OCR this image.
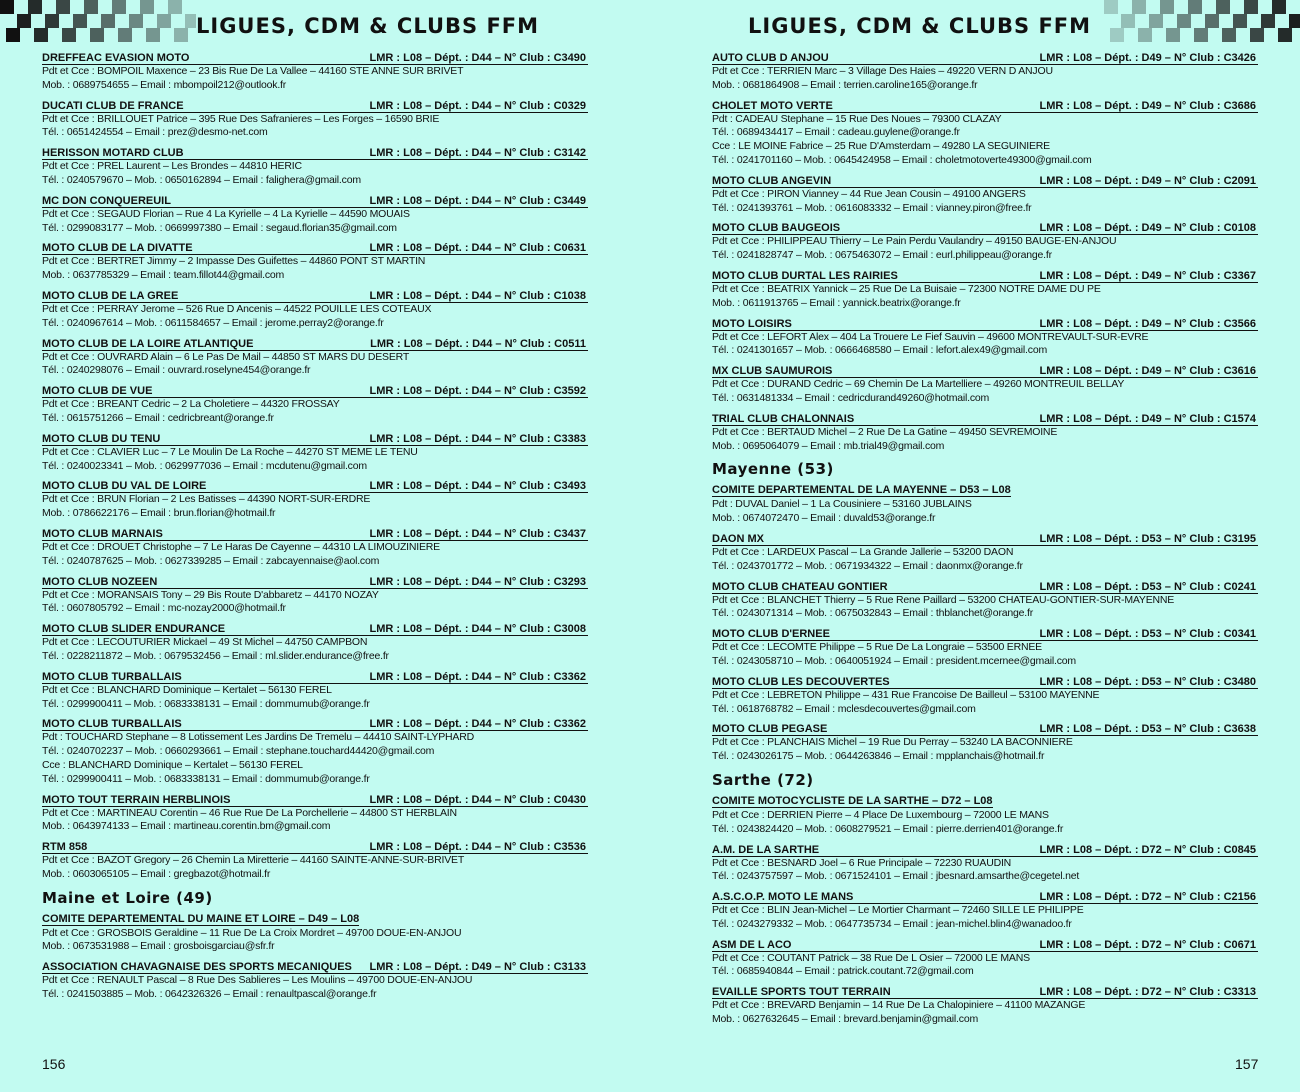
LIGUES, CDM & CLUBS FFM
DREFFEAC EVASION MOTO	LMR : L08 – Dépt. : D44 – N° Club : C3490
Pdt et Cce : BOMPOIL Maxence – 23 Bis Rue De La Vallee – 44160 STE ANNE SUR BRIVET
Mob. : 0689754655 – Email : mbompoil212@outlook.fr
DUCATI CLUB DE FRANCE	LMR : L08 – Dépt. : D44 – N° Club : C0329
Pdt et Cce : BRILLOUET Patrice – 395 Rue Des Safranieres – Les Forges – 16590 BRIE
Tél. : 0651424554 – Email : prez@desmo-net.com
HERISSON MOTARD CLUB	LMR : L08 – Dépt. : D44 – N° Club : C3142
Pdt et Cce : PREL Laurent – Les Brondes – 44810 HERIC
Tél. : 0240579670 – Mob. : 0650162894 – Email : falighera@gmail.com
MC DON CONQUEREUIL	LMR : L08 – Dépt. : D44 – N° Club : C3449
Pdt et Cce : SEGAUD Florian – Rue 4 La Kyrielle – 4 La Kyrielle – 44590 MOUAIS
Tél. : 0299083177 – Mob. : 0669997380 – Email : segaud.florian35@gmail.com
MOTO CLUB DE LA DIVATTE	LMR : L08 – Dépt. : D44 – N° Club : C0631
Pdt et Cce : BERTRET Jimmy – 2 Impasse Des Guifettes – 44860 PONT ST MARTIN
Mob. : 0637785329 – Email : team.fillot44@gmail.com
MOTO CLUB DE LA GREE	LMR : L08 – Dépt. : D44 – N° Club : C1038
Pdt et Cce : PERRAY Jerome – 526 Rue D Ancenis – 44522 POUILLE LES COTEAUX
Tél. : 0240967614 – Mob. : 0611584657 – Email : jerome.perray2@orange.fr
MOTO CLUB DE LA LOIRE ATLANTIQUE	LMR : L08 – Dépt. : D44 – N° Club : C0511
Pdt et Cce : OUVRARD Alain – 6 Le Pas De Mail – 44850 ST MARS DU DESERT
Tél. : 0240298076 – Email : ouvrard.roselyne454@orange.fr
MOTO CLUB DE VUE	LMR : L08 – Dépt. : D44 – N° Club : C3592
Pdt et Cce : BREANT Cedric – 2 La Choletiere – 44320 FROSSAY
Tél. : 0615751266 – Email : cedricbreant@orange.fr
MOTO CLUB DU TENU	LMR : L08 – Dépt. : D44 – N° Club : C3383
Pdt et Cce : CLAVIER Luc – 7 Le Moulin De La Roche – 44270 ST MEME LE TENU
Tél. : 0240023341 – Mob. : 0629977036 – Email : mcdutenu@gmail.com
MOTO CLUB DU VAL DE LOIRE	LMR : L08 – Dépt. : D44 – N° Club : C3493
Pdt et Cce : BRUN Florian – 2 Les Batisses – 44390 NORT-SUR-ERDRE
Mob. : 0786622176 – Email : brun.florian@hotmail.fr
MOTO CLUB MARNAIS	LMR : L08 – Dépt. : D44 – N° Club : C3437
Pdt et Cce : DROUET Christophe – 7 Le Haras De Cayenne – 44310 LA LIMOUZINIERE
Tél. : 0240787625 – Mob. : 0627339285 – Email : zabcayennaise@aol.com
MOTO CLUB NOZEEN	LMR : L08 – Dépt. : D44 – N° Club : C3293
Pdt et Cce : MORANSAIS Tony – 29 Bis Route D'abbaretz – 44170 NOZAY
Tél. : 0607805792 – Email : mc-nozay2000@hotmail.fr
MOTO CLUB SLIDER ENDURANCE	LMR : L08 – Dépt. : D44 – N° Club : C3008
Pdt et Cce : LECOUTURIER Mickael – 49 St Michel – 44750 CAMPBON
Tél. : 0228211872 – Mob. : 0679532456 – Email : ml.slider.endurance@free.fr
MOTO CLUB TURBALLAIS	LMR : L08 – Dépt. : D44 – N° Club : C3362
Pdt et Cce : BLANCHARD Dominique – Kertalet – 56130 FEREL
Tél. : 0299900411 – Mob. : 0683338131 – Email : dommumub@orange.fr
MOTO CLUB TURBALLAIS	LMR : L08 – Dépt. : D44 – N° Club : C3362
Pdt : TOUCHARD Stephane – 8 Lotissement Les Jardins De Tremelu – 44410 SAINT-LYPHARD
Tél. : 0240702237 – Mob. : 0660293661 – Email : stephane.touchard44420@gmail.com
Cce : BLANCHARD Dominique – Kertalet – 56130 FEREL
Tél. : 0299900411 – Mob. : 0683338131 – Email : dommumub@orange.fr
MOTO TOUT TERRAIN HERBLINOIS	LMR : L08 – Dépt. : D44 – N° Club : C0430
Pdt et Cce : MARTINEAU Corentin – 46 Rue Rue De La Porchellerie – 44800 ST HERBLAIN
Mob. : 0643974133 – Email : martineau.corentin.bm@gmail.com
RTM 858	LMR : L08 – Dépt. : D44 – N° Club : C3536
Pdt et Cce : BAZOT Gregory – 26 Chemin La Miretterie – 44160 SAINTE-ANNE-SUR-BRIVET
Mob. : 0603065105 – Email : gregbazot@hotmail.fr
Maine et Loire (49)
COMITE DEPARTEMENTAL DU MAINE ET LOIRE – D49 – L08
Pdt et Cce : GROSBOIS Geraldine – 11 Rue De La Croix Mordret – 49700 DOUE-EN-ANJOU
Mob. : 0673531988 – Email : grosboisgarciau@sfr.fr
ASSOCIATION CHAVAGNAISE DES SPORTS MECANIQUES LMR : L08 – Dépt. : D49 – N° Club : C3133
Pdt et Cce : RENAULT Pascal – 8 Rue Des Sablieres – Les Moulins – 49700 DOUE-EN-ANJOU
Tél. : 0241503885 – Mob. : 0642326326 – Email : renaultpascal@orange.fr
156
LIGUES, CDM & CLUBS FFM
AUTO CLUB D ANJOU	LMR : L08 – Dépt. : D49 – N° Club : C3426
Pdt et Cce : TERRIEN Marc – 3 Village Des Haies – 49220 VERN D ANJOU
Mob. : 0681864908 – Email : terrien.caroline165@orange.fr
CHOLET MOTO VERTE	LMR : L08 – Dépt. : D49 – N° Club : C3686
Pdt : CADEAU Stephane – 15 Rue Des Noues – 79300 CLAZAY
Tél. : 0689434417 – Email : cadeau.guylene@orange.fr
Cce : LE MOINE Fabrice – 25 Rue D'Amsterdam – 49280 LA SEGUINIERE
Tél. : 0241701160 – Mob. : 0645424958 – Email : choletmotoverte49300@gmail.com
MOTO CLUB ANGEVIN	LMR : L08 – Dépt. : D49 – N° Club : C2091
Pdt et Cce : PIRON Vianney – 44 Rue Jean Cousin – 49100 ANGERS
Tél. : 0241393761 – Mob. : 0616083332 – Email : vianney.piron@free.fr
MOTO CLUB BAUGEOIS	LMR : L08 – Dépt. : D49 – N° Club : C0108
Pdt et Cce : PHILIPPEAU Thierry – Le Pain Perdu Vaulandry – 49150 BAUGE-EN-ANJOU
Tél. : 0241828747 – Mob. : 0675463072 – Email : eurl.philippeau@orange.fr
MOTO CLUB DURTAL LES RAIRIES	LMR : L08 – Dépt. : D49 – N° Club : C3367
Pdt et Cce : BEATRIX Yannick – 25 Rue De La Buisaie – 72300 NOTRE DAME DU PE
Mob. : 0611913765 – Email : yannick.beatrix@orange.fr
MOTO LOISIRS	LMR : L08 – Dépt. : D49 – N° Club : C3566
Pdt et Cce : LEFORT Alex – 404 La Trouere Le Fief Sauvin – 49600 MONTREVAULT-SUR-EVRE
Tél. : 0241301657 – Mob. : 0666468580 – Email : lefort.alex49@gmail.com
MX CLUB SAUMUROIS	LMR : L08 – Dépt. : D49 – N° Club : C3616
Pdt et Cce : DURAND Cedric – 69 Chemin De La Martelliere – 49260 MONTREUIL BELLAY
Tél. : 0631481334 – Email : cedricdurand49260@hotmail.com
TRIAL CLUB CHALONNAIS	LMR : L08 – Dépt. : D49 – N° Club : C1574
Pdt et Cce : BERTAUD Michel – 2 Rue De La Gatine – 49450 SEVREMOINE
Mob. : 0695064079 – Email : mb.trial49@gmail.com
Mayenne (53)
COMITE DEPARTEMENTAL DE LA MAYENNE – D53 – L08
Pdt : DUVAL Daniel – 1 La Cousiniere – 53160 JUBLAINS
Mob. : 0674072470 – Email : duvald53@orange.fr
DAON MX	LMR : L08 – Dépt. : D53 – N° Club : C3195
Pdt et Cce : LARDEUX Pascal – La Grande Jallerie – 53200 DAON
Tél. : 0243701772 – Mob. : 0671934322 – Email : daonmx@orange.fr
MOTO CLUB CHATEAU GONTIER	LMR : L08 – Dépt. : D53 – N° Club : C0241
Pdt et Cce : BLANCHET Thierry – 5 Rue Rene Paillard – 53200 CHATEAU-GONTIER-SUR-MAYENNE
Tél. : 0243071314 – Mob. : 0675032843 – Email : thblanchet@orange.fr
MOTO CLUB D'ERNEE	LMR : L08 – Dépt. : D53 – N° Club : C0341
Pdt et Cce : LECOMTE Philippe – 5 Rue De La Longraie – 53500 ERNEE
Tél. : 0243058710 – Mob. : 0640051924 – Email : president.mcernee@gmail.com
MOTO CLUB LES DECOUVERTES	LMR : L08 – Dépt. : D53 – N° Club : C3480
Pdt et Cce : LEBRETON Philippe – 431 Rue Francoise De Bailleul – 53100 MAYENNE
Tél. : 0618768782 – Email : mclesdecouvertes@gmail.com
MOTO CLUB PEGASE	LMR : L08 – Dépt. : D53 – N° Club : C3638
Pdt et Cce : PLANCHAIS Michel – 19 Rue Du Perray – 53240 LA BACONNIERE
Tél. : 0243026175 – Mob. : 0644263846 – Email : mpplanchais@hotmail.fr
Sarthe (72)
COMITE MOTOCYCLISTE DE LA SARTHE – D72 – L08
Pdt et Cce : DERRIEN Pierre – 4 Place De Luxembourg – 72000 LE MANS
Tél. : 0243824420 – Mob. : 0608279521 – Email : pierre.derrien401@orange.fr
A.M. DE LA SARTHE	LMR : L08 – Dépt. : D72 – N° Club : C0845
Pdt et Cce : BESNARD Joel – 6 Rue Principale – 72230 RUAUDIN
Tél. : 0243757597 – Mob. : 0671524101 – Email : jbesnard.amsarthe@cegetel.net
A.S.C.O.P. MOTO LE MANS	LMR : L08 – Dépt. : D72 – N° Club : C2156
Pdt et Cce : BLIN Jean-Michel – Le Mortier Charmant – 72460 SILLE LE PHILIPPE
Tél. : 0243279332 – Mob. : 0647735734 – Email : jean-michel.blin4@wanadoo.fr
ASM DE L ACO	LMR : L08 – Dépt. : D72 – N° Club : C0671
Pdt et Cce : COUTANT Patrick – 38 Rue De L Osier – 72000 LE MANS
Tél. : 0685940844 – Email : patrick.coutant.72@gmail.com
EVAILLE SPORTS TOUT TERRAIN	LMR : L08 – Dépt. : D72 – N° Club : C3313
Pdt et Cce : BREVARD Benjamin – 14 Rue De La Chalopiniere – 41100 MAZANGE
Mob. : 0627632645 – Email : brevard.benjamin@gmail.com
157
